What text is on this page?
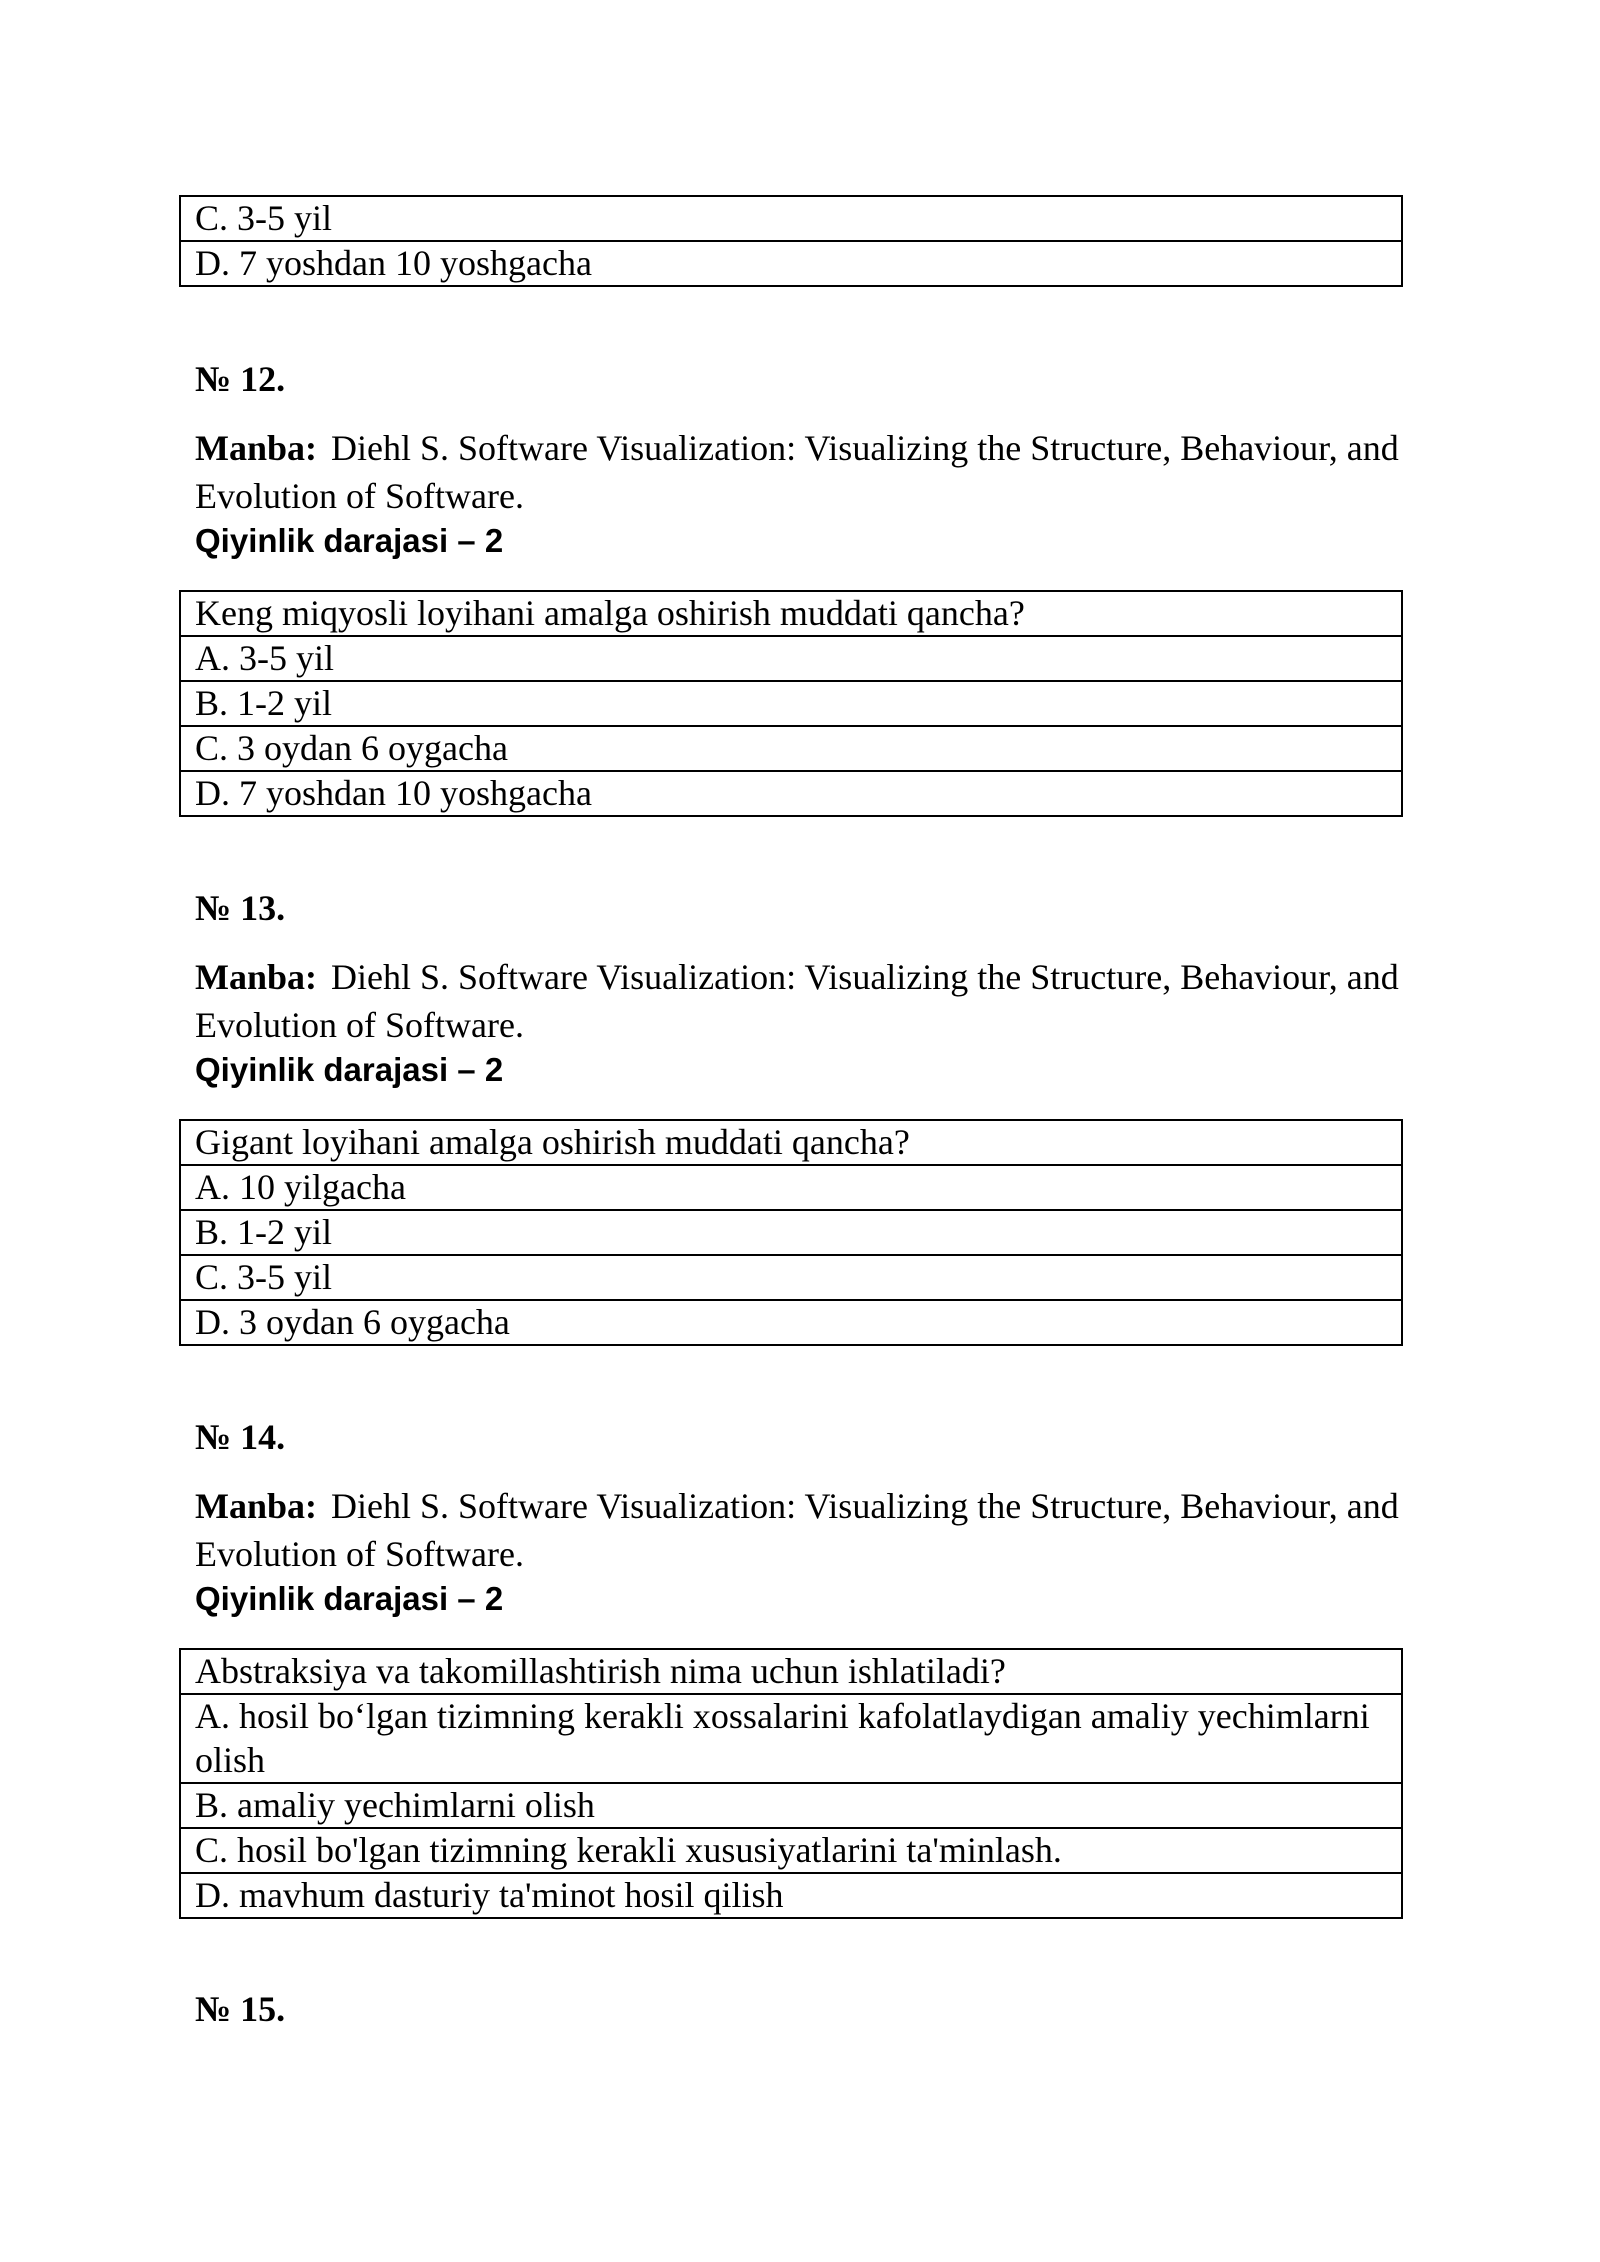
C. 3-5 yil
D. 7 yoshdan 10 yoshgacha
№ 12.
Manba: Diehl S. Software Visualization: Visualizing the Structure, Behaviour, and Evolution of Software.
Qiyinlik darajasi – 2
Keng miqyosli loyihani amalga oshirish muddati qancha?
A. 3-5 yil
B. 1-2 yil
C. 3 oydan 6 oygacha
D. 7 yoshdan 10 yoshgacha
№ 13.
Manba: Diehl S. Software Visualization: Visualizing the Structure, Behaviour, and Evolution of Software.
Qiyinlik darajasi – 2
Gigant loyihani amalga oshirish muddati qancha?
A. 10 yilgacha
B. 1-2 yil
C. 3-5 yil
D. 3 oydan 6 oygacha
№ 14.
Manba: Diehl S. Software Visualization: Visualizing the Structure, Behaviour, and Evolution of Software.
Qiyinlik darajasi – 2
Abstraksiya va takomillashtirish nima uchun ishlatiladi?
A. hosil bo‘lgan tizimning kerakli xossalarini kafolatlaydigan amaliy yechimlarni olish
B. amaliy yechimlarni olish
C. hosil bo'lgan tizimning kerakli xususiyatlarini ta'minlash.
D. mavhum dasturiy ta'minot hosil qilish
№ 15.
